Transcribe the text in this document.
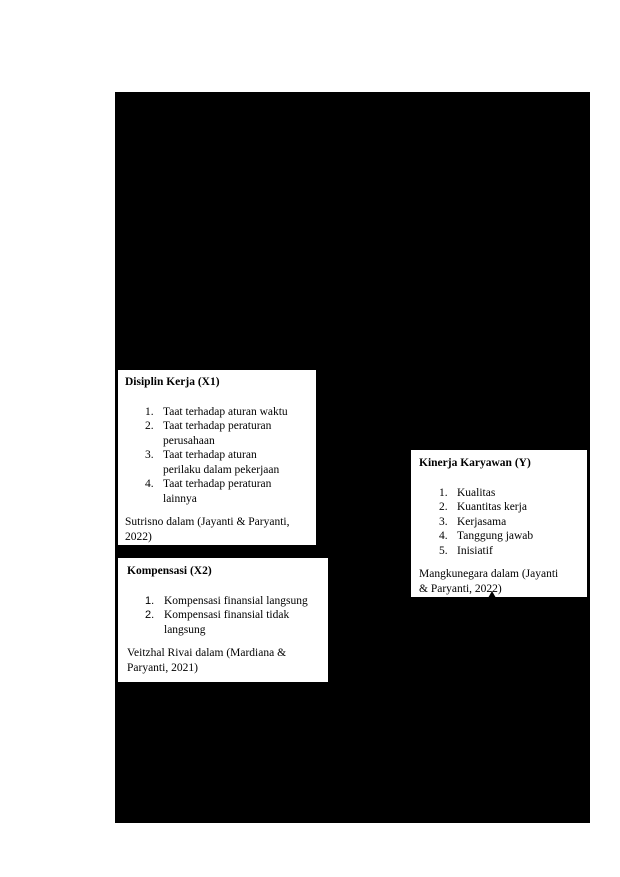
Disiplin Kerja (X1)

1. Taat terhadap aturan waktu
2. Taat terhadap peraturan
perusahaan
3. Taat terhadap aturan
perilaku dalam pekerjaan
4. Taat terhadap peraturan
lainnya

Sutrisno dalam (Jayanti & Paryanti,
2022)

Kompensasi (X2)

1. Kompensasi finansial langsung
2. Kompensasi finansial tidak
langsung

Veitzhal Rivai dalam (Mardiana &
Paryanti, 2021)

Kinerja Karyawan (Y)

1. Kualitas
2. Kuantitas kerja
3. Kerjasama
4. Tanggung jawab
5. Inisiatif

Mangkunegara dalam (Jayanti
& Paryanti, 2022)
